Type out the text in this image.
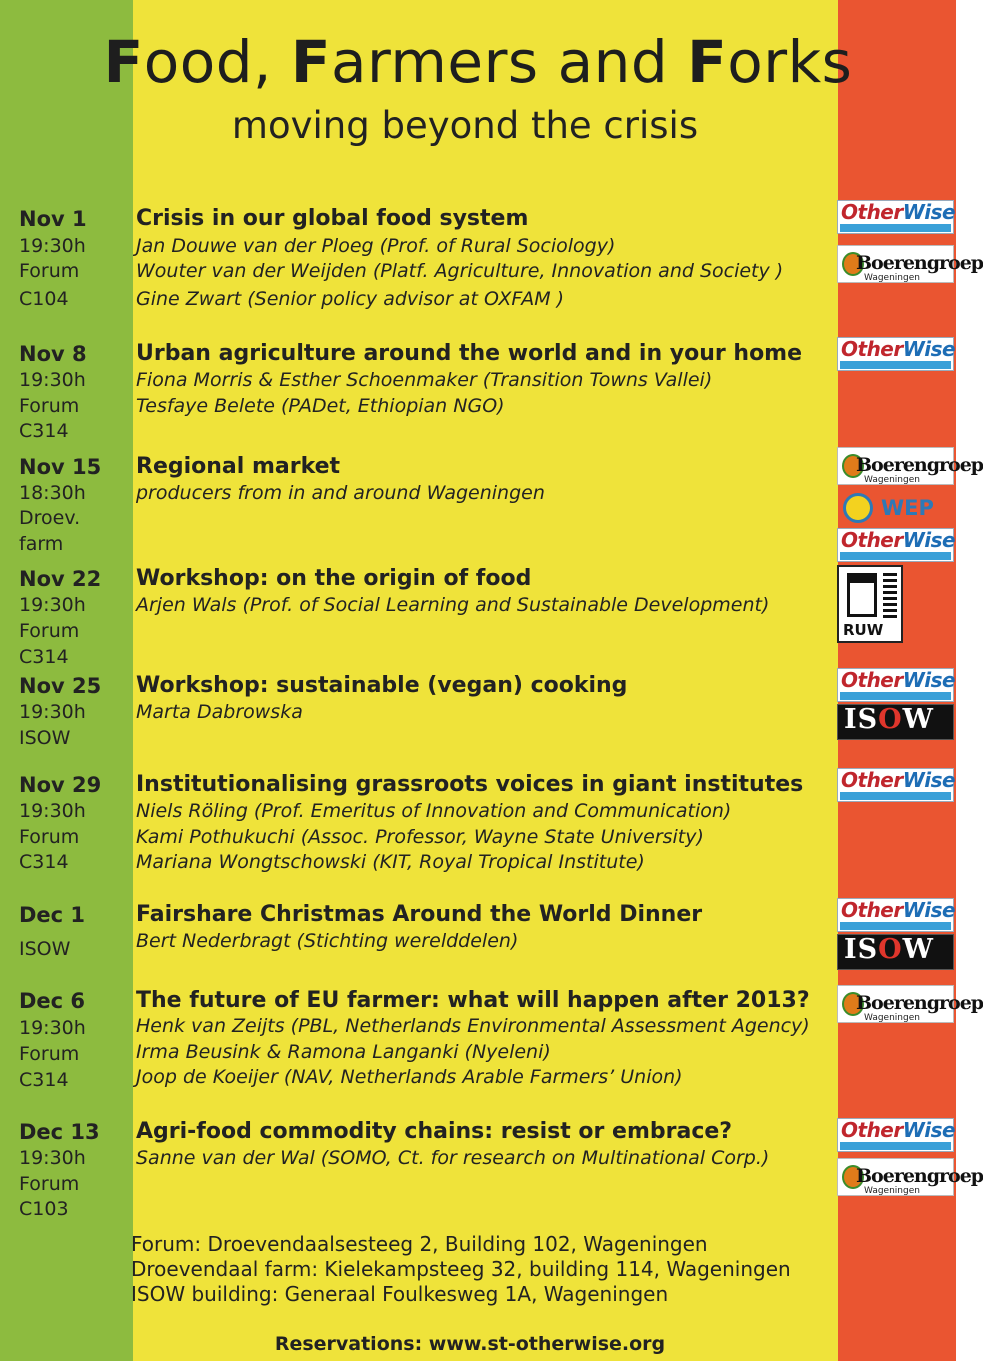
Food, Farmers and Forks
moving beyond the crisis
Nov 1 Crisis in our global food system
19:30h
Forum
C104
Jan Douwe van der Ploeg (Prof. of Rural Sociology)
Wouter van der Weijden (Platf. Agriculture, Innovation and Society )
Gine Zwart (Senior policy advisor at OXFAM )
OtherWise
Boerengroep
Wageningen
Nov 8 Urban agriculture around the world and in your home
19:30h
Forum
C314
Fiona Morris & Esther Schoenmaker (Transition Towns Vallei)
Tesfaye Belete (PADet, Ethiopian NGO)
OtherWise
Nov 15 Regional market
18:30h
Droev.
farm
producers from in and around Wageningen
Boerengroep
Wageningen
WEP
OtherWise
Nov 22 Workshop: on the origin of food
19:30h
Forum
C314
Arjen Wals (Prof. of Social Learning and Sustainable Development)
RUW
Nov 25 Workshop: sustainable (vegan) cooking
19:30h
ISOW
Marta Dabrowska
OtherWise
ISOW
Nov 29 Institutionalising grassroots voices in giant institutes
19:30h
Forum
C314
Niels Röling (Prof. Emeritus of Innovation and Communication)
Kami Pothukuchi (Assoc. Professor, Wayne State University)
Mariana Wongtschowski (KIT, Royal Tropical Institute)
OtherWise
Dec 1 Fairshare Christmas Around the World Dinner
ISOW	Bert Nederbragt (Stichting werelddelen)
OtherWise
ISOW
Dec 6 The future of EU farmer: what will happen after 2013?
19:30h
Forum
C314
Henk van Zeijts (PBL, Netherlands Environmental Assessment Agency)
Irma Beusink & Ramona Langanki (Nyeleni)
Joop de Koeijer (NAV, Netherlands Arable Farmers’ Union)
Boerengroep
Wageningen
Dec 13 Agri-food commodity chains: resist or embrace?
19:30h
Forum
C103
Sanne van der Wal (SOMO, Ct. for research on Multinational Corp.)
OtherWise
Boerengroep
Wageningen
Forum: Droevendaalsesteeg 2, Building 102, Wageningen
Droevendaal farm: Kielekampsteeg 32, building 114, Wageningen
ISOW building: Generaal Foulkesweg 1A, Wageningen
Reservations: www.st-otherwise.org
